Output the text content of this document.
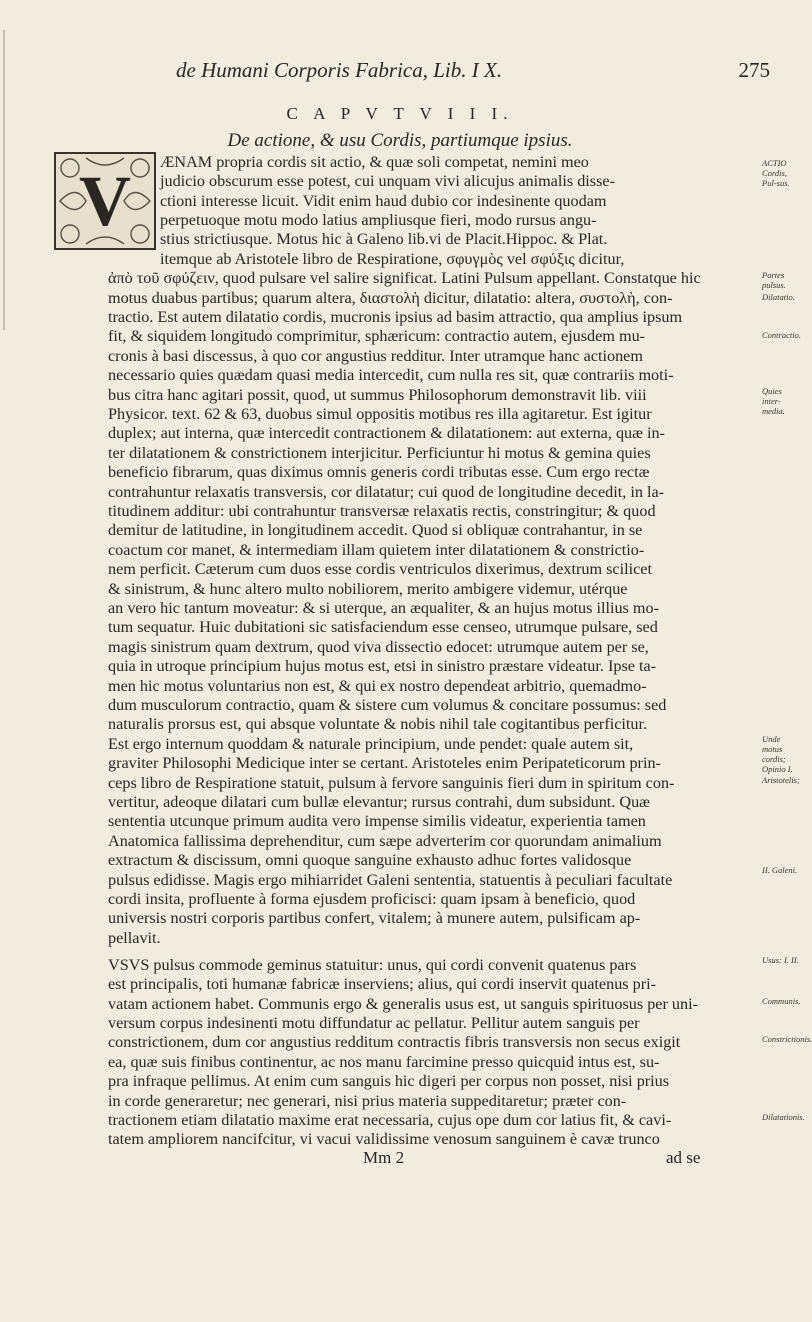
de Humani Corporis Fabrica, Lib. I X.	275
C A P V T V I I I.
De actione, & usu Cordis, partiumque ipsius.
V	ÆNAM propria cordis sit actio, & quæ soli competat, nemini meo
judicio obscurum esse potest, cui unquam vivi alicujus animalis disse-
ctioni interesse licuit. Vidit enim haud dubio cor indesinente quodam
perpetuoque motu modo latius ampliusque fieri, modo rursus angu-
stius strictiusque. Motus hic à Galeno lib.vi de Placit.Hippoc. & Plat.
itemque ab Aristotele libro de Respiratione, σφυγμὸς vel σφύξις dicitur,
ἀπὸ τοῦ σφύζειν, quod pulsare vel salire significat. Latini Pulsum appellant. Constatque hic
motus duabus partibus; quarum altera, διαστολὴ dicitur, dilatatio: altera, συστολὴ, con-
tractio. Est autem dilatatio cordis, mucronis ipsius ad basim attractio, qua amplius ipsum
fit, & siquidem longitudo comprimitur, sphæricum: contractio autem, ejusdem mu-
cronis à basi discessus, à quo cor angustius redditur. Inter utramque hanc actionem
necessario quies quædam quasi media intercedit, cum nulla res sit, quæ contrariis moti-
bus citra hanc agitari possit, quod, ut summus Philosophorum demonstravit lib. viii
Physicor. text. 62 & 63, duobus simul oppositis motibus res illa agitaretur. Est igitur
duplex; aut interna, quæ intercedit contractionem & dilatationem: aut externa, quæ in-
ter dilatationem & constrictionem interjicitur. Perficiuntur hi motus & gemina quies
beneficio fibrarum, quas diximus omnis generis cordi tributas esse. Cum ergo rectæ
contrahuntur relaxatis transversis, cor dilatatur; cui quod de longitudine decedit, in la-
titudinem additur: ubi contrahuntur transversæ relaxatis rectis, constringitur; & quod
demitur de latitudine, in longitudinem accedit. Quod si obliquæ contrahantur, in se
coactum cor manet, & intermediam illam quietem inter dilatationem & constrictio-
nem perficit. Cæterum cum duos esse cordis ventriculos dixerimus, dextrum scilicet
& sinistrum, & hunc altero multo nobiliorem, merito ambigere videmur, utérque
an vero hic tantum moveatur: & si uterque, an æqualiter, & an hujus motus illius mo-
tum sequatur. Huic dubitationi sic satisfaciendum esse censeo, utrumque pulsare, sed
magis sinistrum quam dextrum, quod viva dissectio edocet: utrumque autem per se,
quia in utroque principium hujus motus est, etsi in sinistro præstare videatur. Ipse ta-
men hic motus voluntarius non est, & qui ex nostro dependeat arbitrio, quemadmo-
dum musculorum contractio, quam & sistere cum volumus & concitare possumus: sed
naturalis prorsus est, qui absque voluntate & nobis nihil tale cogitantibus perficitur.
Est ergo internum quoddam & naturale principium, unde pendet: quale autem sit,
graviter Philosophi Medicique inter se certant. Aristoteles enim Peripateticorum prin-
ceps libro de Respiratione statuit, pulsum à fervore sanguinis fieri dum in spiritum con-
vertitur, adeoque dilatari cum bullæ elevantur; rursus contrahi, dum subsidunt. Quæ
sententia utcunque primum audita vero impense similis videatur, experientia tamen
Anatomica fallissima deprehenditur, cum sæpe adverterim cor quorundam animalium
extractum & discissum, omni quoque sanguine exhausto adhuc fortes validosque
pulsus edidisse. Magis ergo mihiarridet Galeni sententia, statuentis à peculiari facultate
cordi insita, profluente à forma ejusdem proficisci: quam ipsam à beneficio, quod
universis nostri corporis partibus confert, vitalem; à munere autem, pulsificam ap-
pellavit.
VSVS pulsus commode geminus statuitur: unus, qui cordi convenit quatenus pars
est principalis, toti humanæ fabricæ inserviens; alius, qui cordi inservit quatenus pri-
vatam actionem habet. Communis ergo & generalis usus est, ut sanguis spirituosus per uni-
versum corpus indesinenti motu diffundatur ac pellatur. Pellitur autem sanguis per
constrictionem, dum cor angustius redditum contractis fibris transversis non secus exigit
ea, quæ suis finibus continentur, ac nos manu farcimine presso quicquid intus est, su-
pra infraque pellimus. At enim cum sanguis hic digeri per corpus non posset, nisi prius
in corde generaretur; nec generari, nisi prius materia suppeditaretur; præter con-
tractionem etiam dilatatio maxime erat necessaria, cujus ope dum cor latius fit, & cavi-
tatem ampliorem nancifcitur, vi vacui validissime venosum sanguinem è cavæ trunco
ACTIO Cordis, Pul-sus.
Partes pulsus.
Dilatatio.
Contractio.
Quies inter-media.
Unde motus cordis; Opinio I.
Aristotelis;
II. Galeni.
Usus: I. II.
Communis.
Constrictionis.
Dilatationis.
Mm 2	ad se
